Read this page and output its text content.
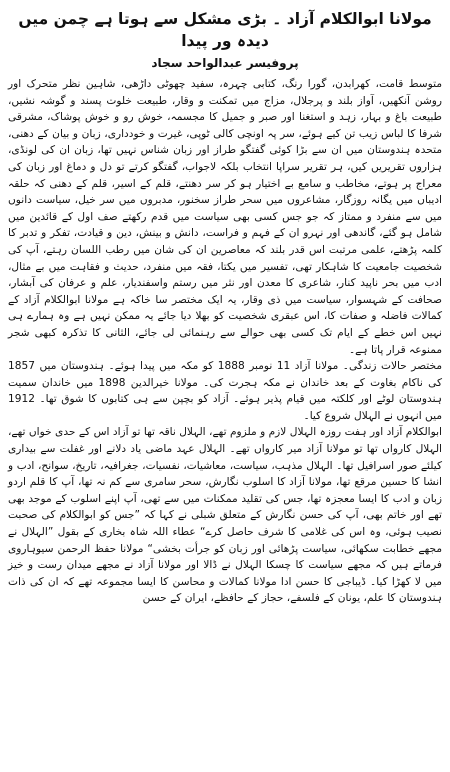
مولانا ابوالکلام آزاد ۔ بڑی مشکل سے ہوتا ہے چمن میں دیدہ ور پیدا
پروفیسر عبدالواحد سجاد

متوسط قامت، کھرابدن، گورا رنگ، کتابی چہرہ، سفید چھوٹی داڑھی، شاہین نظر متحرک اور روشن آنکھیں، آواز بلند و پرجلال، مزاج میں تمکنت و وقار، طبیعت خلوت پسند و گوشہ نشیں، طبیعت باغ و بہار، زہد و استغنا اور صبر و جمیل کا مجسمہ، خوش رو و خوش پوشاک، مشرقی شرفا کا لباس زیب تن کیے ہوئے، سر پہ اونچی کالی ٹوپی، غیرت و خودداری، زبان و بیان کے دھنی، متحدہ ہندوستان میں ان سے بڑا کوئی گفتگو طراز اور زبان شناس نہیں تھا، زبان ان کی لونڈی، ہزاروں تقریریں کیں، ہر تقریر سراپا انتخاب بلکہ لاجواب، گفتگو کرتے تو دل و دماغ اور زبان کی معراج پر ہوتے، مخاطب و سامع بے اختیار ہو کر سر دھنتے، قلم کے اسیر، قلم کے دھنی کہ حلقہ ادیباں میں یگانہ روزگار، مشاعروں میں سحر طراز سخنور، مدبروں میں سر خیل، سیاست دانوں میں سے منفرد و ممتاز کہ جو جس کسی بھی سیاست میں قدم رکھتے صف اول کے قائدین میں شامل ہو گئے، گاندھی اور نہرو ان کے فہم و فراست، دانش و بینش، دین و قیادت، تفکر و تدبر کا کلمہ پڑھتے، علمی مرتبت اس قدر بلند کہ معاصرین ان کی شان میں رطب اللسان رہتے، آپ کی شخصیت جامعیت کا شاہکار تھی، تفسیر میں یکتا، فقہ میں منفرد، حدیث و فقاہت میں بے مثال، ادب میں بحر ناپید کنار، شاعری کا معدن اور نثر میں رستم واسفندیار، علم و عرفان کی آبشار، صحافت کے شہسوار، سیاست میں ذی وقار، یہ ایک مختصر سا خاکہ ہے مولانا ابوالکلام آزاد کے کمالات فاضلہ و صفات کا، اس عبقری شخصیت کو بھلا دیا جائے یہ ممکن نہیں ہے وہ ہمارے ہی نہیں اس خطے کے ایام تک کسی بھی حوالے سے رہنمائی لی جائے، الثانی کا تذکرہ کبھی شجر ممنوعہ قرار پاتا ہے۔

مختصر حالات زندگی۔ مولانا آزاد 11 نومبر 1888 کو مکہ میں پیدا ہوئے۔ ہندوستان میں 1857 کی ناکام بغاوت کے بعد خاندان نے مکہ ہجرت کی۔ مولانا خیرالدین 1898 میں خاندان سمیت ہندوستان لوٹے اور کلکتہ میں قیام پذیر ہوئے۔ آزاد کو بچپن سے ہی کتابوں کا شوق تھا۔ 1912 میں انہوں نے الہلال شروع کیا۔

ابوالکلام آزاد اور ہفت روزہ الہلال لازم و ملزوم تھے، الہلال ناقہ تھا تو آزاد اس کے حدی خواں تھے، الہلال کارواں تھا تو مولانا آزاد میر کارواں تھے۔ الہلال عہد ماضی یاد دلانے اور غفلت سے بیداری کیلئے صور اسرافیل تھا۔ الہلال مذہب، سیاست، معاشیات، نفسیات، جغرافیہ، تاریخ، سوانح، ادب و انشا کا حسین مرقع تھا، مولانا آزاد کا اسلوب نگارش، سحر سامری سے کم نہ تھا، آپ کا قلم اردو زبان و ادب کا ایسا معجزہ تھا، جس کی تقلید ممکنات میں سے تھی، آپ اپنے اسلوب کے موجد بھی تھے اور خاتم بھی، آپ کی حسن نگارش کے متعلق شبلی نے کہا کہ ”جس کو ابوالکلام کی صحبت نصیب ہوئی، وہ اس کی غلامی کا شرف حاصل کرے“ عطاء اللہ شاہ بخاری کے بقول ”الہلال نے مجھے خطابت سکھائی، سیاست پڑھائی اور زبان کو جرأت بخشی“ مولانا حفظ الرحمن سیوہاروی فرماتے ہیں کہ مجھے سیاست کا چسکا الہلال نے ڈالا اور مولانا آزاد نے مجھے میدان رست و خیز میں لا کھڑا کیا۔ ڈیباجی کا حسن ادا مولانا کمالات و محاسن کا ایسا مجموعہ تھے کہ ان کی ذات ہندوستان کا علم، یونان کے فلسفے، حجاز کے حافظے، ایران کے حسن
